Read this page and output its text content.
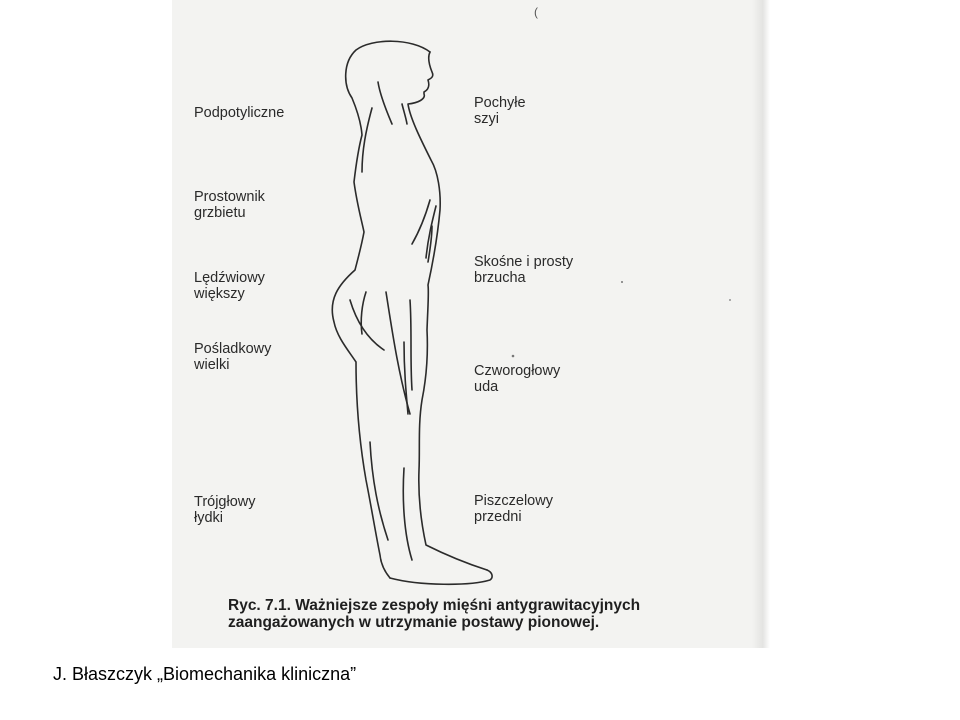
(
Podpotyliczne
Prostownik
grzbietu
Lędźwiowy
większy
Pośladkowy
wielki
Trójgłowy
łydki
Pochyłe
szyi
Skośne i prosty
brzucha
Czworogłowy
uda
Piszczelowy
przedni
Ryc. 7.1. Ważniejsze zespoły mięśni antygrawitacyjnych zaangażowanych w utrzymanie postawy pionowej.
J. Błaszczyk „Biomechanika kliniczna”
